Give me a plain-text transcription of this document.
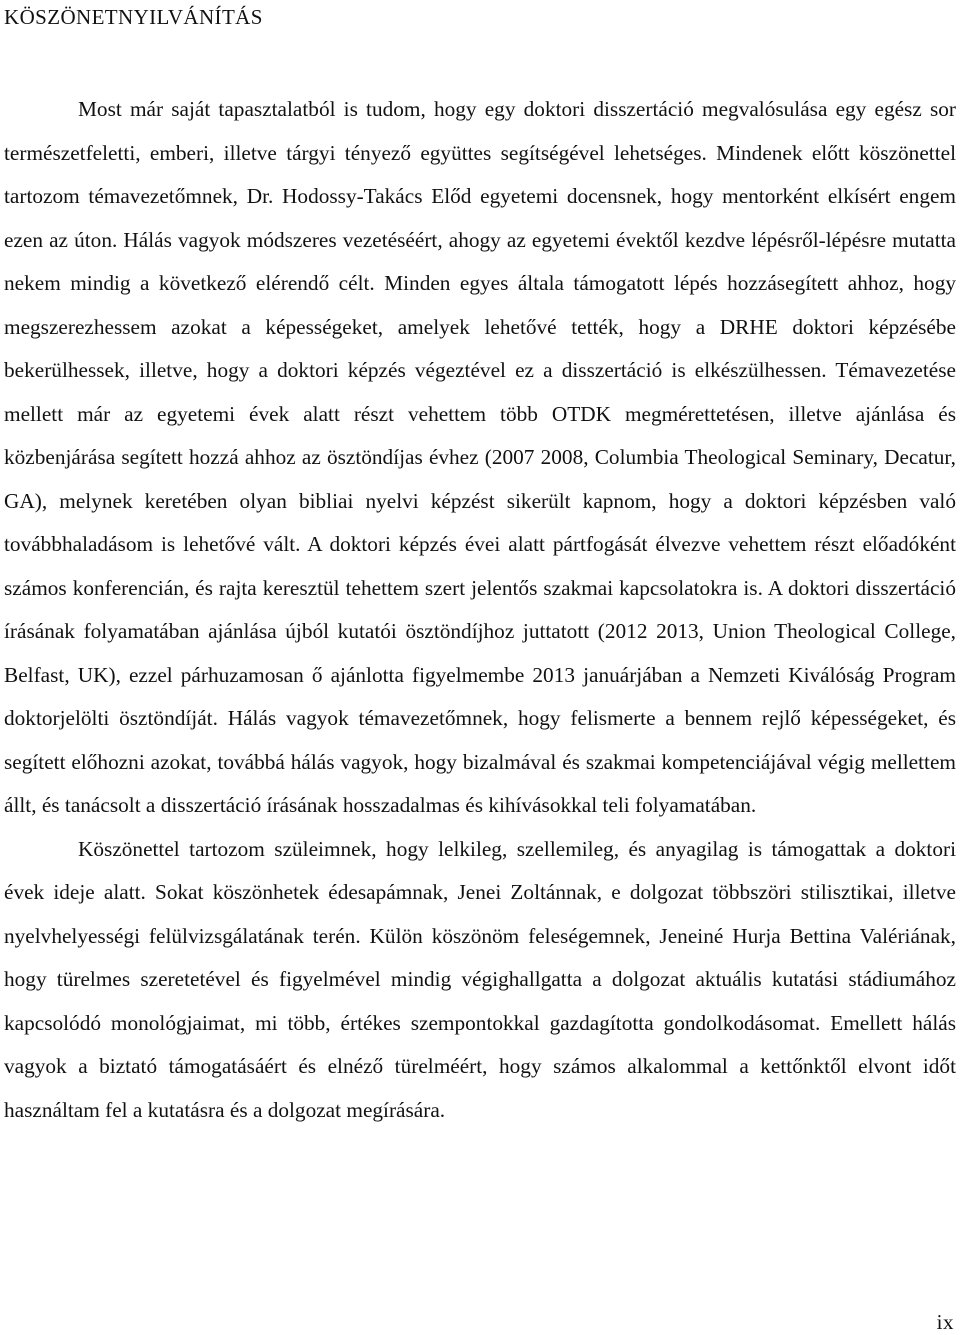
KÖSZÖNETNYILVÁNÍTÁS

Most már saját tapasztalatból is tudom, hogy egy doktori disszertáció megvalósulása egy egész sor természetfeletti, emberi, illetve tárgyi tényező együttes segítségével lehetséges. Mindenek előtt köszönettel tartozom témavezetőmnek, Dr. Hodossy-Takács Előd egyetemi docensnek, hogy mentorként elkísért engem ezen az úton. Hálás vagyok módszeres vezetéséért, ahogy az egyetemi évektől kezdve lépésről-lépésre mutatta nekem mindig a következő elérendő célt. Minden egyes általa támogatott lépés hozzásegített ahhoz, hogy megszerezhessem azokat a képességeket, amelyek lehetővé tették, hogy a DRHE doktori képzésébe bekerülhessek, illetve, hogy a doktori képzés végeztével ez a disszertáció is elkészülhessen. Témavezetése mellett már az egyetemi évek alatt részt vehettem több OTDK megmérettetésen, illetve ajánlása és közbenjárása segített hozzá ahhoz az ösztöndíjas évhez (2007 2008, Columbia Theological Seminary, Decatur, GA), melynek keretében olyan bibliai nyelvi képzést sikerült kapnom, hogy a doktori képzésben való továbbhaladásom is lehetővé vált. A doktori képzés évei alatt pártfogását élvezve vehettem részt előadóként számos konferencián, és rajta keresztül tehettem szert jelentős szakmai kapcsolatokra is. A doktori disszertáció írásának folyamatában ajánlása újból kutatói ösztöndíjhoz juttatott (2012 2013, Union Theological College, Belfast, UK), ezzel párhuzamosan ő ajánlotta figyelmembe 2013 januárjában a Nemzeti Kiválóság Program doktorjelölti ösztöndíját. Hálás vagyok témavezetőmnek, hogy felismerte a bennem rejlő képességeket, és segített előhozni azokat, továbbá hálás vagyok, hogy bizalmával és szakmai kompetenciájával végig mellettem állt, és tanácsolt a disszertáció írásának hosszadalmas és kihívásokkal teli folyamatában.

Köszönettel tartozom szüleimnek, hogy lelkileg, szellemileg, és anyagilag is támogattak a doktori évek ideje alatt. Sokat köszönhetek édesapámnak, Jenei Zoltánnak, e dolgozat többszöri stilisztikai, illetve nyelvhelyességi felülvizsgálatának terén. Külön köszönöm feleségemnek, Jeneiné Hurja Bettina Valériának, hogy türelmes szeretetével és figyelmével mindig végighallgatta a dolgozat aktuális kutatási stádiumához kapcsolódó monológjaimat, mi több, értékes szempontokkal gazdagította gondolkodásomat. Emellett hálás vagyok a biztató támogatásáért és elnéző türelméért, hogy számos alkalommal a kettőnktől elvont időt használtam fel a kutatásra és a dolgozat megírására.

ix
